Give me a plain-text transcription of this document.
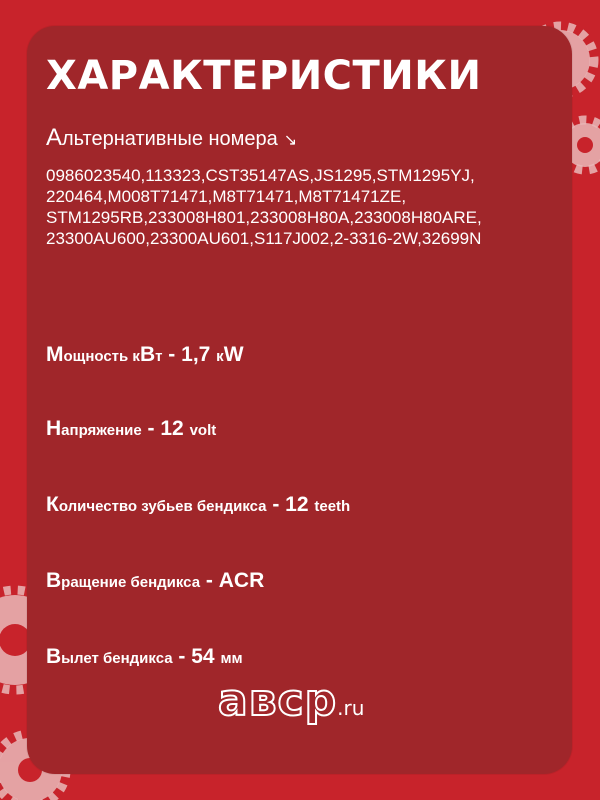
ХАРАКТЕРИСТИКИ
Альтернативные номера ↘
0986023540,113323,CST35147AS,JS1295,STM1295YJ,
220464,M008T71471,M8T71471,M8T71471ZE,
STM1295RB,233008H801,233008H80A,233008H80ARE,
23300AU600,23300AU601,S117J002,2-3316-2W,32699N
Мощность кВт - 1,7 кW
Напряжение - 12 volt
Количество зубьев бендикса - 12 teeth
Вращение бендикса - ACR
Вылет бендикса - 54 мм
aвcp.ru
